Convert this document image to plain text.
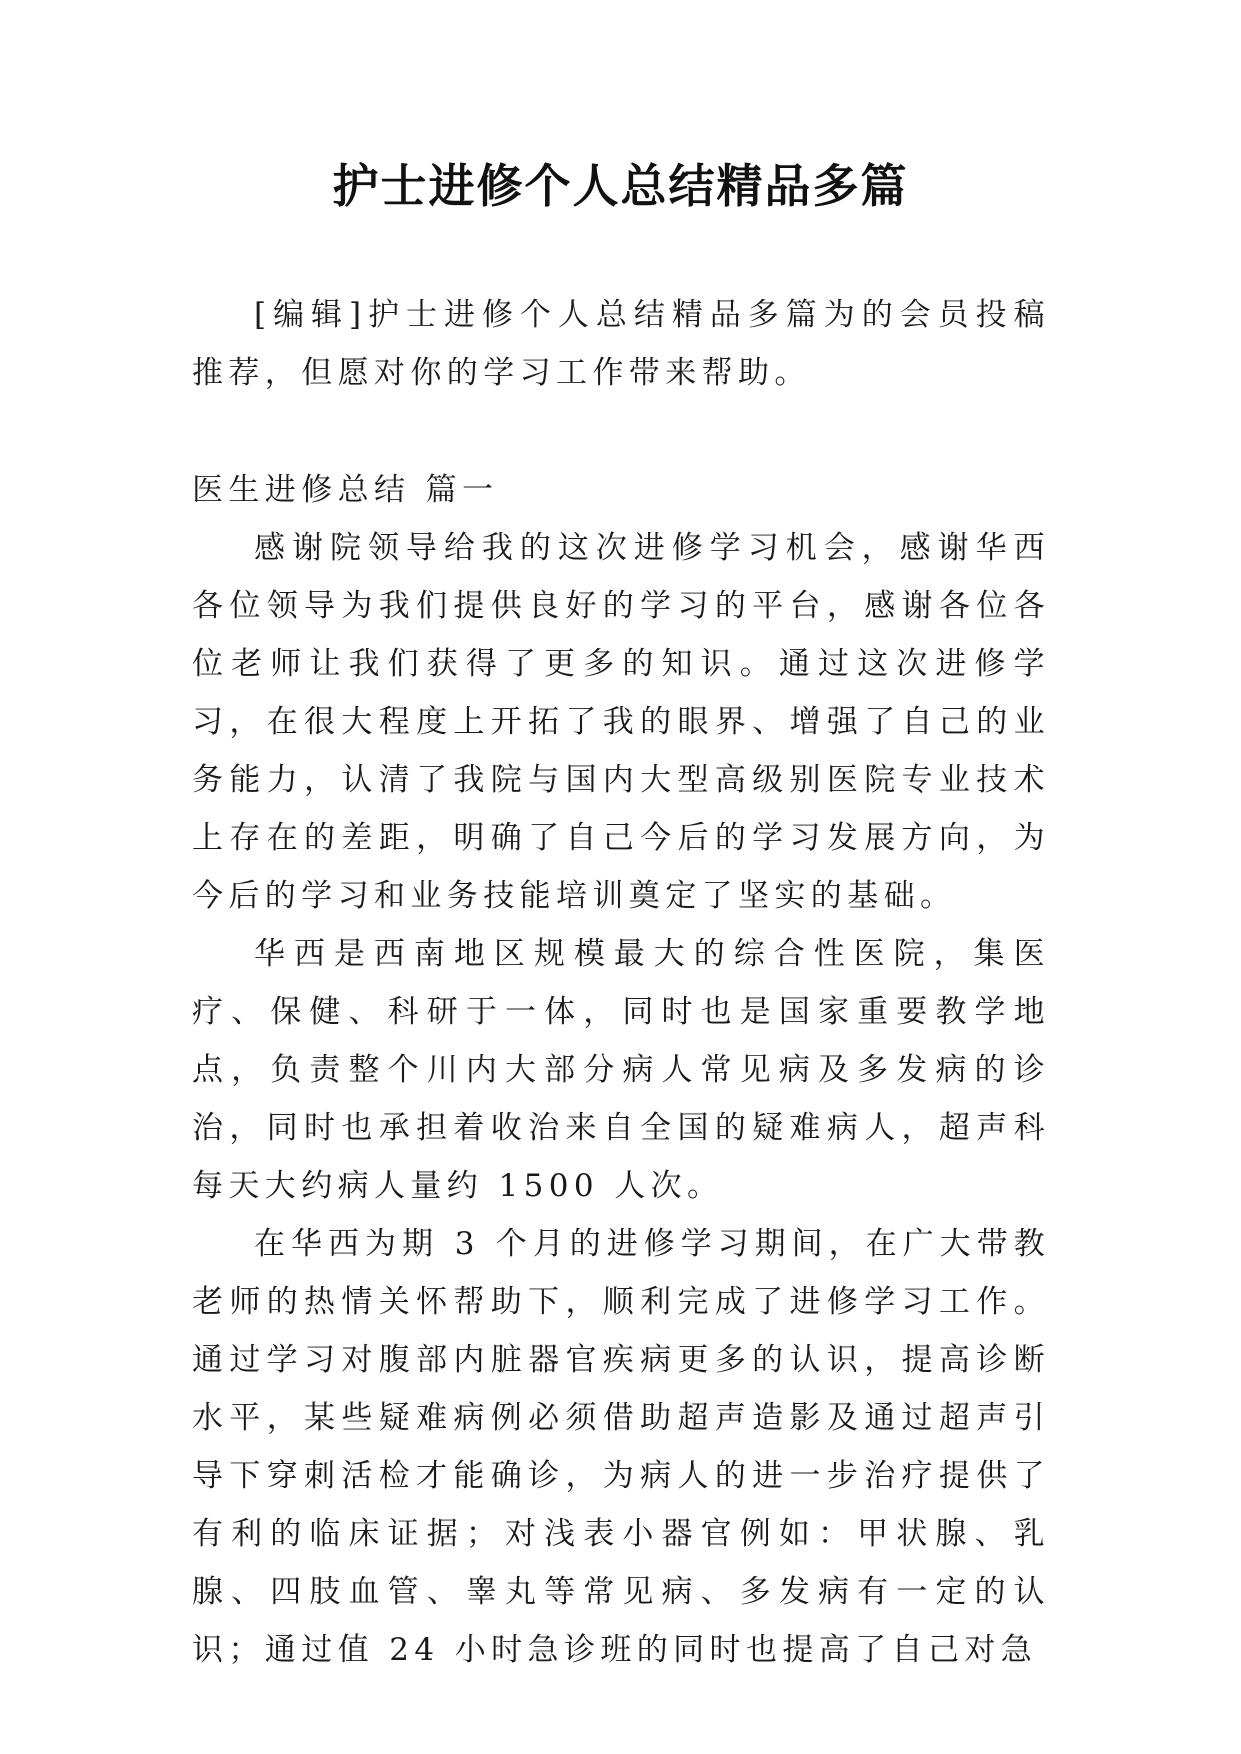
护士进修个人总结精品多篇

[编辑]护士进修个人总结精品多篇为的会员投稿推荐，但愿对你的学习工作带来帮助。

医生进修总结 篇一

感谢院领导给我的这次进修学习机会，感谢华西各位领导为我们提供良好的学习的平台，感谢各位各位老师让我们获得了更多的知识。通过这次进修学习，在很大程度上开拓了我的眼界、增强了自己的业务能力，认清了我院与国内大型高级别医院专业技术上存在的差距，明确了自己今后的学习发展方向，为今后的学习和业务技能培训奠定了坚实的基础。

华西是西南地区规模最大的综合性医院，集医疗、保健、科研于一体，同时也是国家重要教学地点，负责整个川内大部分病人常见病及多发病的诊治，同时也承担着收治来自全国的疑难病人，超声科每天大约病人量约 1500 人次。

在华西为期 3 个月的进修学习期间，在广大带教老师的热情关怀帮助下，顺利完成了进修学习工作。通过学习对腹部内脏器官疾病更多的认识，提高诊断水平，某些疑难病例必须借助超声造影及通过超声引导下穿刺活检才能确诊，为病人的进一步治疗提供了有利的临床证据；对浅表小器官例如：甲状腺、乳腺、四肢血管、睾丸等常见病、多发病有一定的认识；通过值 24 小时急诊班的同时也提高了自己对急
